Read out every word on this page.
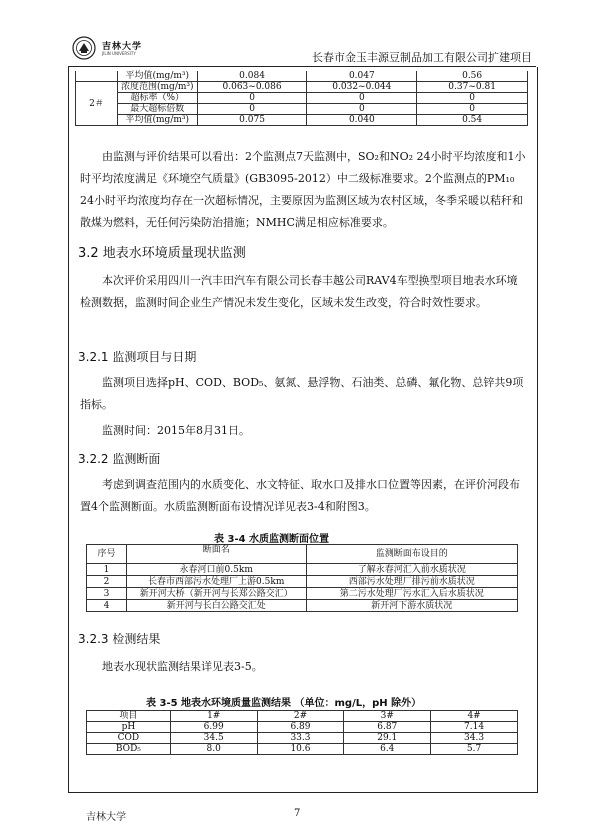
吉林大学
JILIN UNIVERSITY	长春市金玉丰源豆制品加工有限公司扩建项目
	平均值(mg/m³)	0.084	0.047	0.56
2＃	浓度范围(mg/m³)	0.063~0.086	0.032~0.044	0.37~0.81
	超标率（%）	0	0	0
	最大超标倍数	0	0	0
	平均值(mg/m³)	0.075	0.040	0.54

由监测与评价结果可以看出：2个监测点7天监测中，SO₂和NO₂ 24小时平均浓度和1小时平均浓度满足《环境空气质量》(GB3095-2012）中二级标准要求。2个监测点的PM₁₀ 24小时平均浓度均存在一次超标情况，主要原因为监测区域为农村区域，冬季采暖以秸秆和散煤为燃料，无任何污染防治措施；NMHC满足相应标准要求。

3.2 地表水环境质量现状监测

本次评价采用四川一汽丰田汽车有限公司长春丰越公司RAV4车型换型项目地表水环境检测数据，监测时间企业生产情况未发生变化，区域未发生改变，符合时效性要求。

3.2.1 监测项目与日期

监测项目选择pH、COD、BOD₅、氨氮、悬浮物、石油类、总磷、氟化物、总锌共9项指标。

监测时间：2015年8月31日。

3.2.2 监测断面

考虑到调查范围内的水质变化、水文特征、取水口及排水口位置等因素，在评价河段布置4个监测断面。水质监测断面布设情况详见表3-4和附图3。

表 3-4 水质监测断面位置
序号	断面名	监测断面布设目的
1	永春河口前0.5km	了解永春河汇入前水质状况
2	长春市西部污水处理厂上游0.5km	西部污水处理厂排污前水质状况
3	新开河大桥（新开河与长郑公路交汇）	第二污水处理厂污水汇入后水质状况
4	新开河与长白公路交汇处	新开河下游水质状况
3.2.3 检测结果

地表水现状监测结果详见表3-5。

表 3-5 地表水环境质量监测结果 （单位：mg/L，pH 除外）
项目	1#	2#	3#	4#
pH	6.99	6.89	6.87	7.14
COD	34.5	33.3	29.1	34.3
BOD₅	8.0	10.6	6.4	5.7
吉林大学	7
